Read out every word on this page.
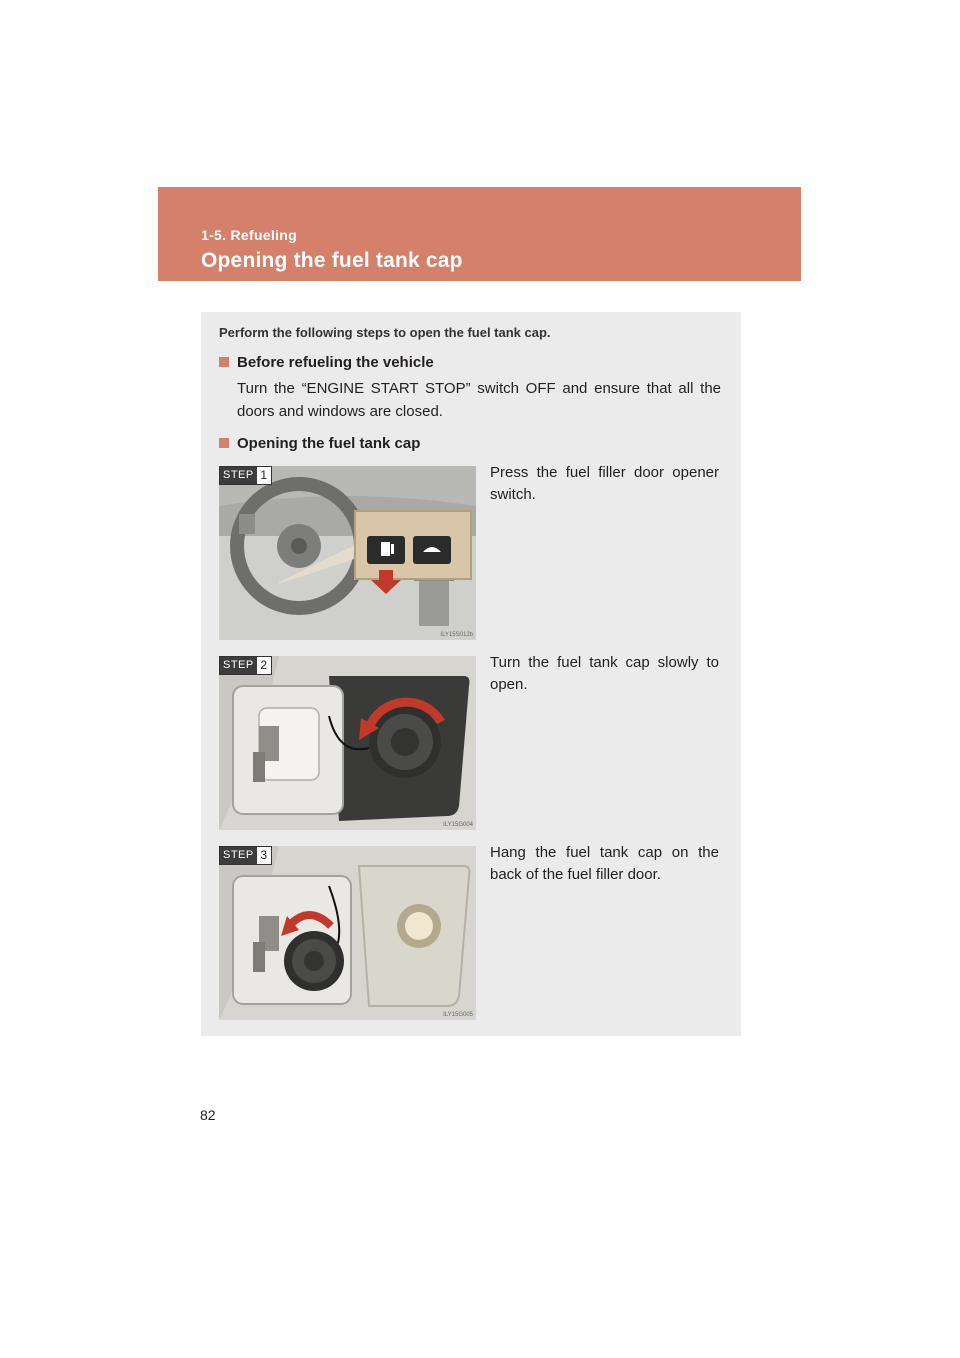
1-5. Refueling
Opening the fuel tank cap
Perform the following steps to open the fuel tank cap.
Before refueling the vehicle
Turn the “ENGINE START STOP” switch OFF and ensure that all the doors and windows are closed.
Opening the fuel tank cap
STEP 1
ILY15S012b
Press the fuel filler door opener switch.
STEP 2
ILY15G004
Turn the fuel tank cap slowly to open.
STEP 3
ILY15G005
Hang the fuel tank cap on the back of the fuel filler door.
82
